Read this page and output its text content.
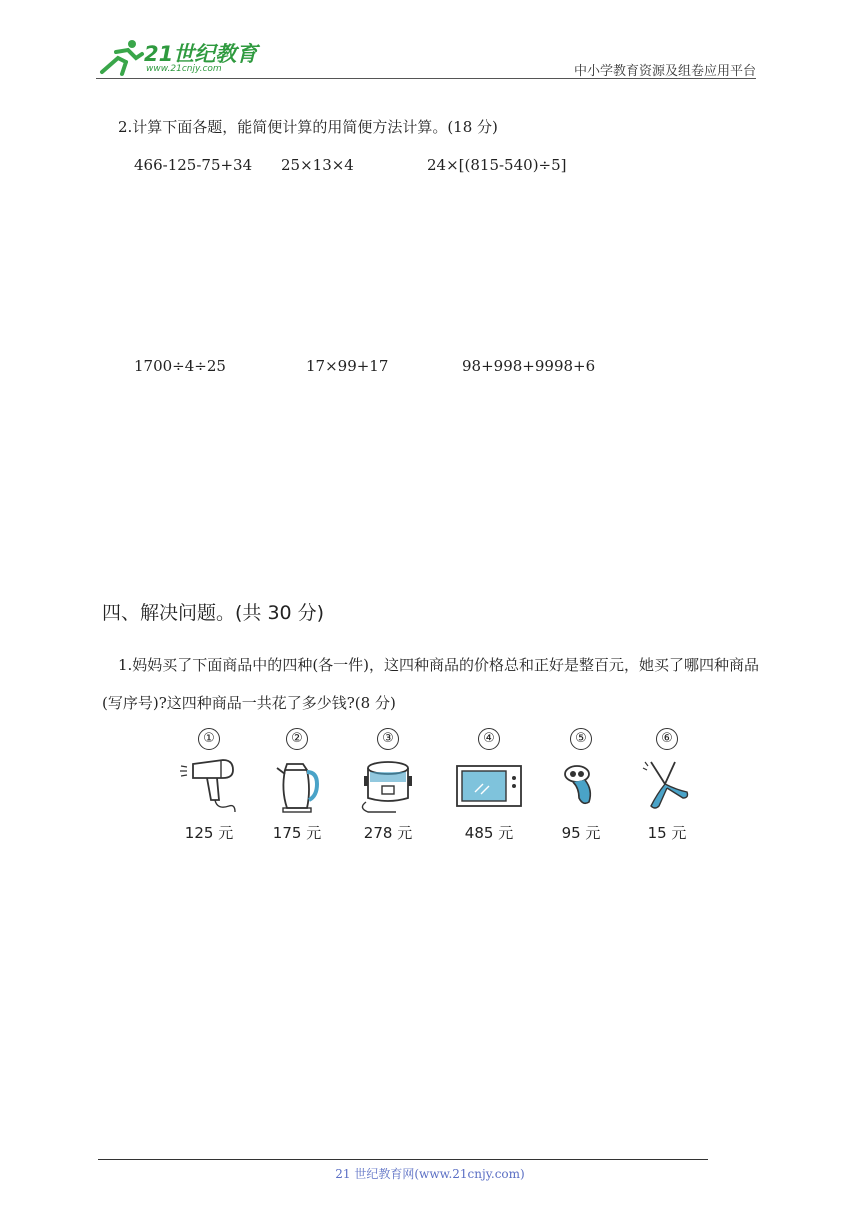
21世纪教育
www.21cnjy.com	中小学教育资源及组卷应用平台
2.计算下面各题，能简便计算的用简便方法计算。(18 分)
466-125-75+34 25×13×4	24×[(815-540)÷5]
1700÷4÷25	17×99+17	98+998+9998+6
四、解决问题。(共 30 分)
1.妈妈买了下面商品中的四种(各一件)，这四种商品的价格总和正好是整百元，她买了哪四种商品(写序号)?这四种商品一共花了多少钱?(8 分)
①
125 元
②
175 元
③
278 元
④
485 元
⑤
95 元
⑥
15 元
21 世纪教育网(www.21cnjy.com)
